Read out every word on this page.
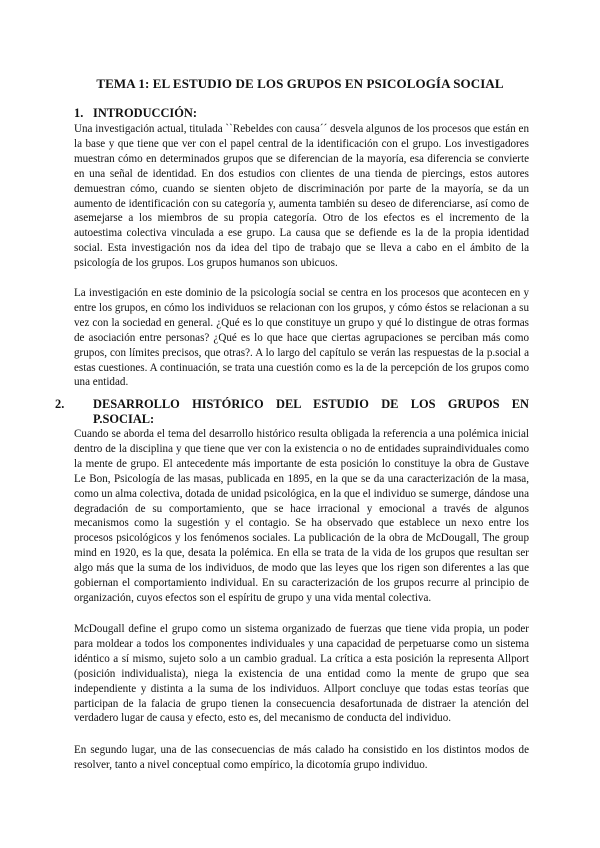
TEMA 1: EL ESTUDIO DE LOS GRUPOS EN PSICOLOGÍA SOCIAL
1. INTRODUCCIÓN:

Una investigación actual, titulada ``Rebeldes con causa´´ desvela algunos de los procesos que están en la base y que tiene que ver con el papel central de la identificación con el grupo. Los investigadores muestran cómo en determinados grupos que se diferencian de la mayoría, esa diferencia se convierte en una señal de identidad. En dos estudios con clientes de una tienda de piercings, estos autores demuestran cómo, cuando se sienten objeto de discriminación por parte de la mayoría, se da un aumento de identificación con su categoría y, aumenta también su deseo de diferenciarse, así como de asemejarse a los miembros de su propia categoría. Otro de los efectos es el incremento de la autoestima colectiva vinculada a ese grupo. La causa que se defiende es la de la propia identidad social. Esta investigación nos da idea del tipo de trabajo que se lleva a cabo en el ámbito de la psicología de los grupos. Los grupos humanos son ubicuos.

La investigación en este dominio de la psicología social se centra en los procesos que acontecen en y entre los grupos, en cómo los individuos se relacionan con los grupos, y cómo éstos se relacionan a su vez con la sociedad en general. ¿Qué es lo que constituye un grupo y qué lo distingue de otras formas de asociación entre personas? ¿Qué es lo que hace que ciertas agrupaciones se perciban más como grupos, con límites precisos, que otras?. A lo largo del capítulo se verán las respuestas de la p.social a estas cuestiones. A continuación, se trata una cuestión como es la de la percepción de los grupos como una entidad.

2. DESARROLLO HISTÓRICO DEL ESTUDIO DE LOS GRUPOS EN
P.SOCIAL:

Cuando se aborda el tema del desarrollo histórico resulta obligada la referencia a una polémica inicial dentro de la disciplina y que tiene que ver con la existencia o no de entidades supraindividuales como la mente de grupo. El antecedente más importante de esta posición lo constituye la obra de Gustave Le Bon, Psicología de las masas, publicada en 1895, en la que se da una caracterización de la masa, como un alma colectiva, dotada de unidad psicológica, en la que el individuo se sumerge, dándose una degradación de su comportamiento, que se hace irracional y emocional a través de algunos mecanismos como la sugestión y el contagio. Se ha observado que establece un nexo entre los procesos psicológicos y los fenómenos sociales. La publicación de la obra de McDougall, The group mind en 1920, es la que, desata la polémica. En ella se trata de la vida de los grupos que resultan ser algo más que la suma de los individuos, de modo que las leyes que los rigen son diferentes a las que gobiernan el comportamiento individual. En su caracterización de los grupos recurre al principio de organización, cuyos efectos son el espíritu de grupo y una vida mental colectiva.

McDougall define el grupo como un sistema organizado de fuerzas que tiene vida propia, un poder para moldear a todos los componentes individuales y una capacidad de perpetuarse como un sistema idéntico a sí mismo, sujeto solo a un cambio gradual. La crítica a esta posición la representa Allport (posición individualista), niega la existencia de una entidad como la mente de grupo que sea independiente y distinta a la suma de los individuos. Allport concluye que todas estas teorías que participan de la falacia de grupo tienen la consecuencia desafortunada de distraer la atención del verdadero lugar de causa y efecto, esto es, del mecanismo de conducta del individuo.

En segundo lugar, una de las consecuencias de más calado ha consistido en los distintos modos de resolver, tanto a nivel conceptual como empírico, la dicotomía grupo individuo.
